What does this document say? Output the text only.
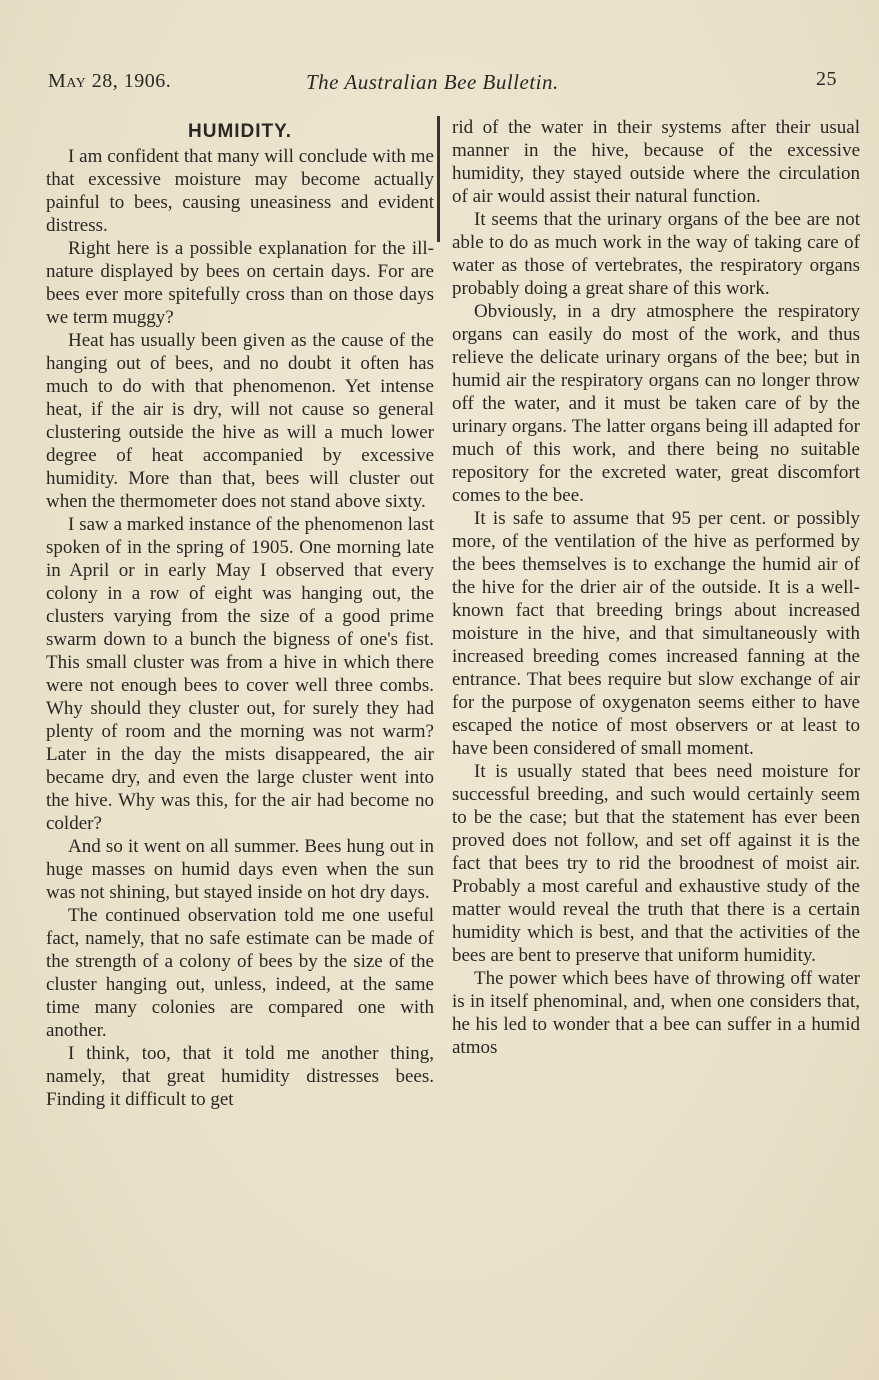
May 28, 1906.	The Australian Bee Bulletin.	25
HUMIDITY.

I am confident that many will conclude with me that excessive moisture may become actually painful to bees, causing uneasiness and evident distress.

Right here is a possible explanation for the ill-nature displayed by bees on certain days. For are bees ever more spitefully cross than on those days we term muggy?

Heat has usually been given as the cause of the hanging out of bees, and no doubt it often has much to do with that phenomenon. Yet intense heat, if the air is dry, will not cause so general clustering outside the hive as will a much lower degree of heat accompanied by excessive humidity. More than that, bees will cluster out when the thermometer does not stand above sixty.

I saw a marked instance of the phenomenon last spoken of in the spring of 1905. One morning late in April or in early May I observed that every colony in a row of eight was hanging out, the clusters varying from the size of a good prime swarm down to a bunch the bigness of one's fist. This small cluster was from a hive in which there were not enough bees to cover well three combs. Why should they cluster out, for surely they had plenty of room and the morning was not warm? Later in the day the mists disappeared, the air became dry, and even the large cluster went into the hive. Why was this, for the air had become no colder?

And so it went on all summer. Bees hung out in huge masses on humid days even when the sun was not shining, but stayed inside on hot dry days.

The continued observation told me one useful fact, namely, that no safe estimate can be made of the strength of a colony of bees by the size of the cluster hanging out, unless, indeed, at the same time many colonies are compared one with another.

I think, too, that it told me another thing, namely, that great humidity distresses bees. Finding it difficult to get

rid of the water in their systems after their usual manner in the hive, because of the excessive humidity, they stayed outside where the circulation of air would assist their natural function.

It seems that the urinary organs of the bee are not able to do as much work in the way of taking care of water as those of vertebrates, the respiratory organs probably doing a great share of this work.

Obviously, in a dry atmosphere the respiratory organs can easily do most of the work, and thus relieve the delicate urinary organs of the bee; but in humid air the respiratory organs can no longer throw off the water, and it must be taken care of by the urinary organs. The latter organs being ill adapted for much of this work, and there being no suitable repository for the excreted water, great discomfort comes to the bee.

It is safe to assume that 95 per cent. or possibly more, of the ventilation of the hive as performed by the bees themselves is to exchange the humid air of the hive for the drier air of the outside. It is a well-known fact that breeding brings about increased moisture in the hive, and that simultaneously with increased breeding comes increased fanning at the entrance. That bees require but slow exchange of air for the purpose of oxygenaton seems either to have escaped the notice of most observers or at least to have been considered of small moment.

It is usually stated that bees need moisture for successful breeding, and such would certainly seem to be the case; but that the statement has ever been proved does not follow, and set off against it is the fact that bees try to rid the broodnest of moist air. Probably a most careful and exhaustive study of the matter would reveal the truth that there is a certain humidity which is best, and that the activities of the bees are bent to preserve that uniform humidity.

The power which bees have of throwing off water is in itself phenominal, and, when one considers that, he his led to wonder that a bee can suffer in a humid atmos
